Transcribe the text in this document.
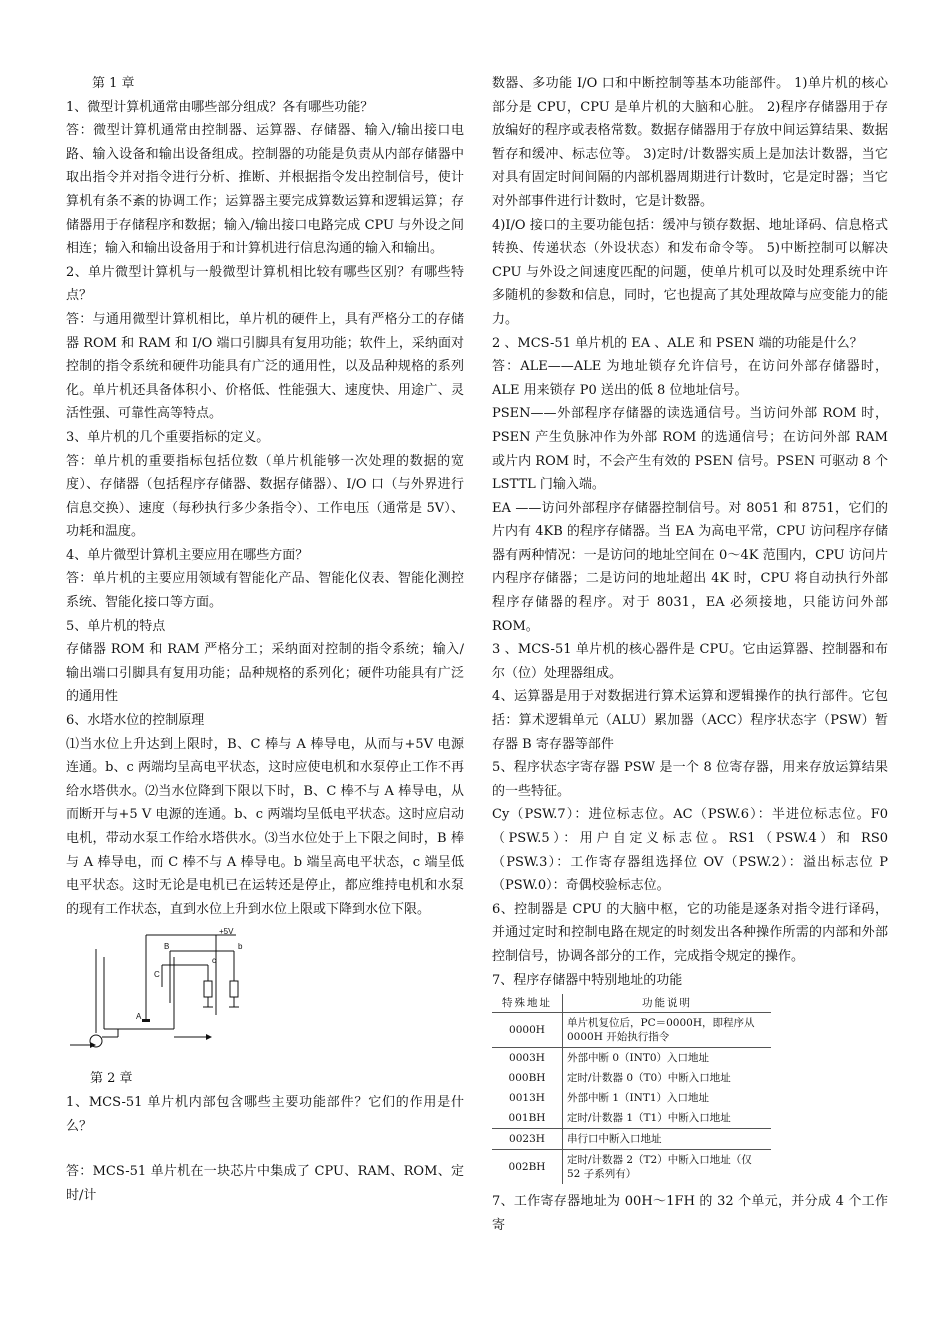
第 1 章

1、微型计算机通常由哪些部分组成？各有哪些功能？

答：微型计算机通常由控制器、运算器、存储器、输入/输出接口电路、输入设备和输出设备组成。控制器的功能是负责从内部存储器中取出指令并对指令进行分析、推断、并根据指令发出控制信号，使计算机有条不紊的协调工作；运算器主要完成算数运算和逻辑运算；存储器用于存储程序和数据；输入/输出接口电路完成 CPU 与外设之间相连；输入和输出设备用于和计算机进行信息沟通的输入和输出。

2、单片微型计算机与一般微型计算机相比较有哪些区别？有哪些特点？

答：与通用微型计算机相比，单片机的硬件上，具有严格分工的存储器 ROM 和 RAM 和 I/O 端口引脚具有复用功能；软件上，采纳面对控制的指令系统和硬件功能具有广泛的通用性，以及品种规格的系列化。单片机还具备体积小、价格低、性能强大、速度快、用途广、灵活性强、可靠性高等特点。

3、单片机的几个重要指标的定义。

答：单片机的重要指标包括位数（单片机能够一次处理的数据的宽度）、存储器（包括程序存储器、数据存储器）、I/O 口（与外界进行信息交换）、速度（每秒执行多少条指令）、工作电压（通常是 5V）、功耗和温度。

4、单片微型计算机主要应用在哪些方面？

答：单片机的主要应用领域有智能化产品、智能化仪表、智能化测控系统、智能化接口等方面。

5、单片机的特点

存储器 ROM 和 RAM 严格分工；采纳面对控制的指令系统；输入/输出端口引脚具有复用功能；品种规格的系列化；硬件功能具有广泛的通用性

6、水塔水位的控制原理

⑴当水位上升达到上限时，B、C 棒与 A 棒导电，从而与+5V 电源连通。b、c 两端均呈高电平状态，这时应使电机和水泵停止工作不再给水塔供水。⑵当水位降到下限以下时，B、C 棒不与 A 棒导电，从而断开与+5 V 电源的连通。b、c 两端均呈低电平状态。这时应启动电机，带动水泵工作给水塔供水。⑶当水位处于上下限之间时，B 棒与 A 棒导电，而 C 棒不与 A 棒导电。b 端呈高电平状态，c 端呈低电平状态。这时无论是电机已在运转还是停止，都应维持电机和水泵的现有工作状态，直到水位上升到水位上限或下降到水位下限。

+5V
b
c
B
C
A

第 2 章

1、MCS-51 单片机内部包含哪些主要功能部件？它们的作用是什么？

答：MCS-51 单片机在一块芯片中集成了 CPU、RAM、ROM、定时/计

数器、多功能 I/O 口和中断控制等基本功能部件。 1)单片机的核心部分是 CPU，CPU 是单片机的大脑和心脏。 2)程序存储器用于存放编好的程序或表格常数。数据存储器用于存放中间运算结果、数据暂存和缓冲、标志位等。 3)定时/计数器实质上是加法计数器，当它对具有固定时间间隔的内部机器周期进行计数时，它是定时器；当它对外部事件进行计数时，它是计数器。

4)I/O 接口的主要功能包括：缓冲与锁存数据、地址译码、信息格式转换、传递状态（外设状态）和发布命令等。 5)中断控制可以解决 CPU 与外设之间速度匹配的问题，使单片机可以及时处理系统中许多随机的参数和信息，同时，它也提高了其处理故障与应变能力的能力。

2 、MCS-51 单片机的 EA 、ALE 和 PSEN 端的功能是什么？

答：ALE——ALE 为地址锁存允许信号，在访问外部存储器时，ALE 用来锁存 P0 送出的低 8 位地址信号。

PSEN——外部程序存储器的读选通信号。当访问外部 ROM 时，PSEN 产生负脉冲作为外部 ROM 的选通信号；在访问外部 RAM 或片内 ROM 时，不会产生有效的 PSEN 信号。PSEN 可驱动 8 个 LSTTL 门输入端。

EA ——访问外部程序存储器控制信号。对 8051 和 8751，它们的片内有 4KB 的程序存储器。当 EA 为高电平常，CPU 访问程序存储器有两种情况：一是访问的地址空间在 0～4K 范围内，CPU 访问片内程序存储器；二是访问的地址超出 4K 时，CPU 将自动执行外部程序存储器的程序。对于 8031，EA 必须接地，只能访问外部 ROM。

3 、MCS-51 单片机的核心器件是 CPU。它由运算器、控制器和布尔（位）处理器组成。

4、运算器是用于对数据进行算术运算和逻辑操作的执行部件。它包括：算术逻辑单元（ALU）累加器（ACC）程序状态字（PSW）暂存器 B 寄存器等部件

5、程序状态字寄存器 PSW 是一个 8 位寄存器，用来存放运算结果的一些特征。

Cy（PSW.7）：进位标志位。AC（PSW.6）：半进位标志位。F0（PSW.5）：用户自定义标志位。RS1（PSW.4）和 RS0（PSW.3）：工作寄存器组选择位 OV（PSW.2）：溢出标志位 P（PSW.0）：奇偶校验标志位。

6、控制器是 CPU 的大脑中枢，它的功能是逐条对指令进行译码，并通过定时和控制电路在规定的时刻发出各种操作所需的内部和外部控制信号，协调各部分的工作，完成指令规定的操作。

7、程序存储器中特别地址的功能

特殊地址	功能说明
0000H	单片机复位后，PC＝0000H，即程序从 0000H 开始执行指令
0003H	外部中断 0（INT0）入口地址
000BH	定时/计数器 0（T0）中断入口地址
0013H	外部中断 1（INT1）入口地址
001BH	定时/计数器 1（T1）中断入口地址
0023H	串行口中断入口地址
002BH	定时/计数器 2（T2）中断入口地址（仅 52 子系列有）

7、工作寄存器地址为 00H～1FH 的 32 个单元，并分成 4 个工作寄
